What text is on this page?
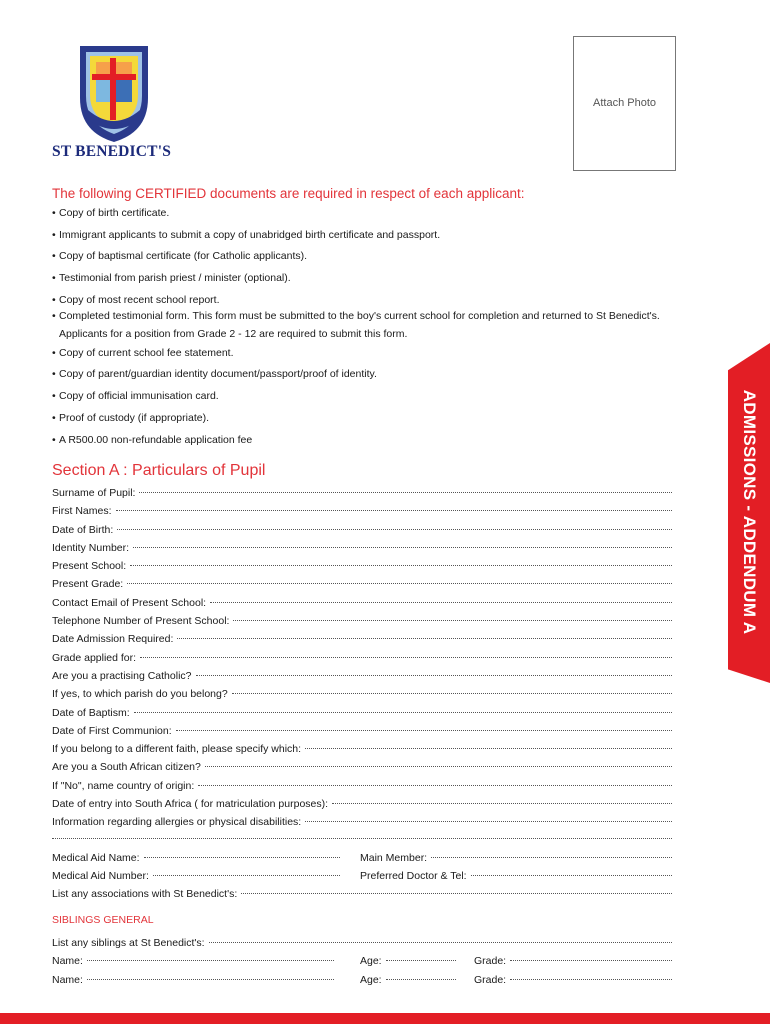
ST BENEDICT'S
Attach Photo
The following CERTIFIED documents are required in respect of each applicant:
• Copy of birth certificate.
• Immigrant applicants to submit a copy of unabridged birth certificate and passport.
• Copy of baptismal certificate (for Catholic applicants).
• Testimonial from parish priest / minister (optional).
• Copy of most recent school report.
• Completed testimonial form. This form must be submitted to the boy's current school for completion and returned to St Benedict's.
Applicants for a position from Grade 2 - 12 are required to submit this form.
• Copy of current school fee statement.
• Copy of parent/guardian identity document/passport/proof of identity.
• Copy of official immunisation card.
• Proof of custody (if appropriate).
• A R500.00 non-refundable application fee	ADMISSIONS - ADDENDUM A
Section A : Particulars of Pupil
Surname of Pupil:
First Names:
Date of Birth:
Identity Number:
Present School:
Present Grade:
Contact Email of Present School:
Telephone Number of Present School:
Date Admission Required:
Grade applied for:
Are you a practising Catholic?
If yes, to which parish do you belong?
Date of Baptism:
Date of First Communion:
If you belong to a different faith, please specify which:
Are you a South African citizen?
If "No", name country of origin:
Date of entry into South Africa ( for matriculation purposes):
Information regarding allergies or physical disabilities:
Medical Aid Name:	Main Member:
Medical Aid Number:	Preferred Doctor & Tel:
List any associations with St Benedict's:
SIBLINGS GENERAL
List any siblings at St Benedict's:
Name:	Age:	Grade:
Name:	Age:	Grade:
